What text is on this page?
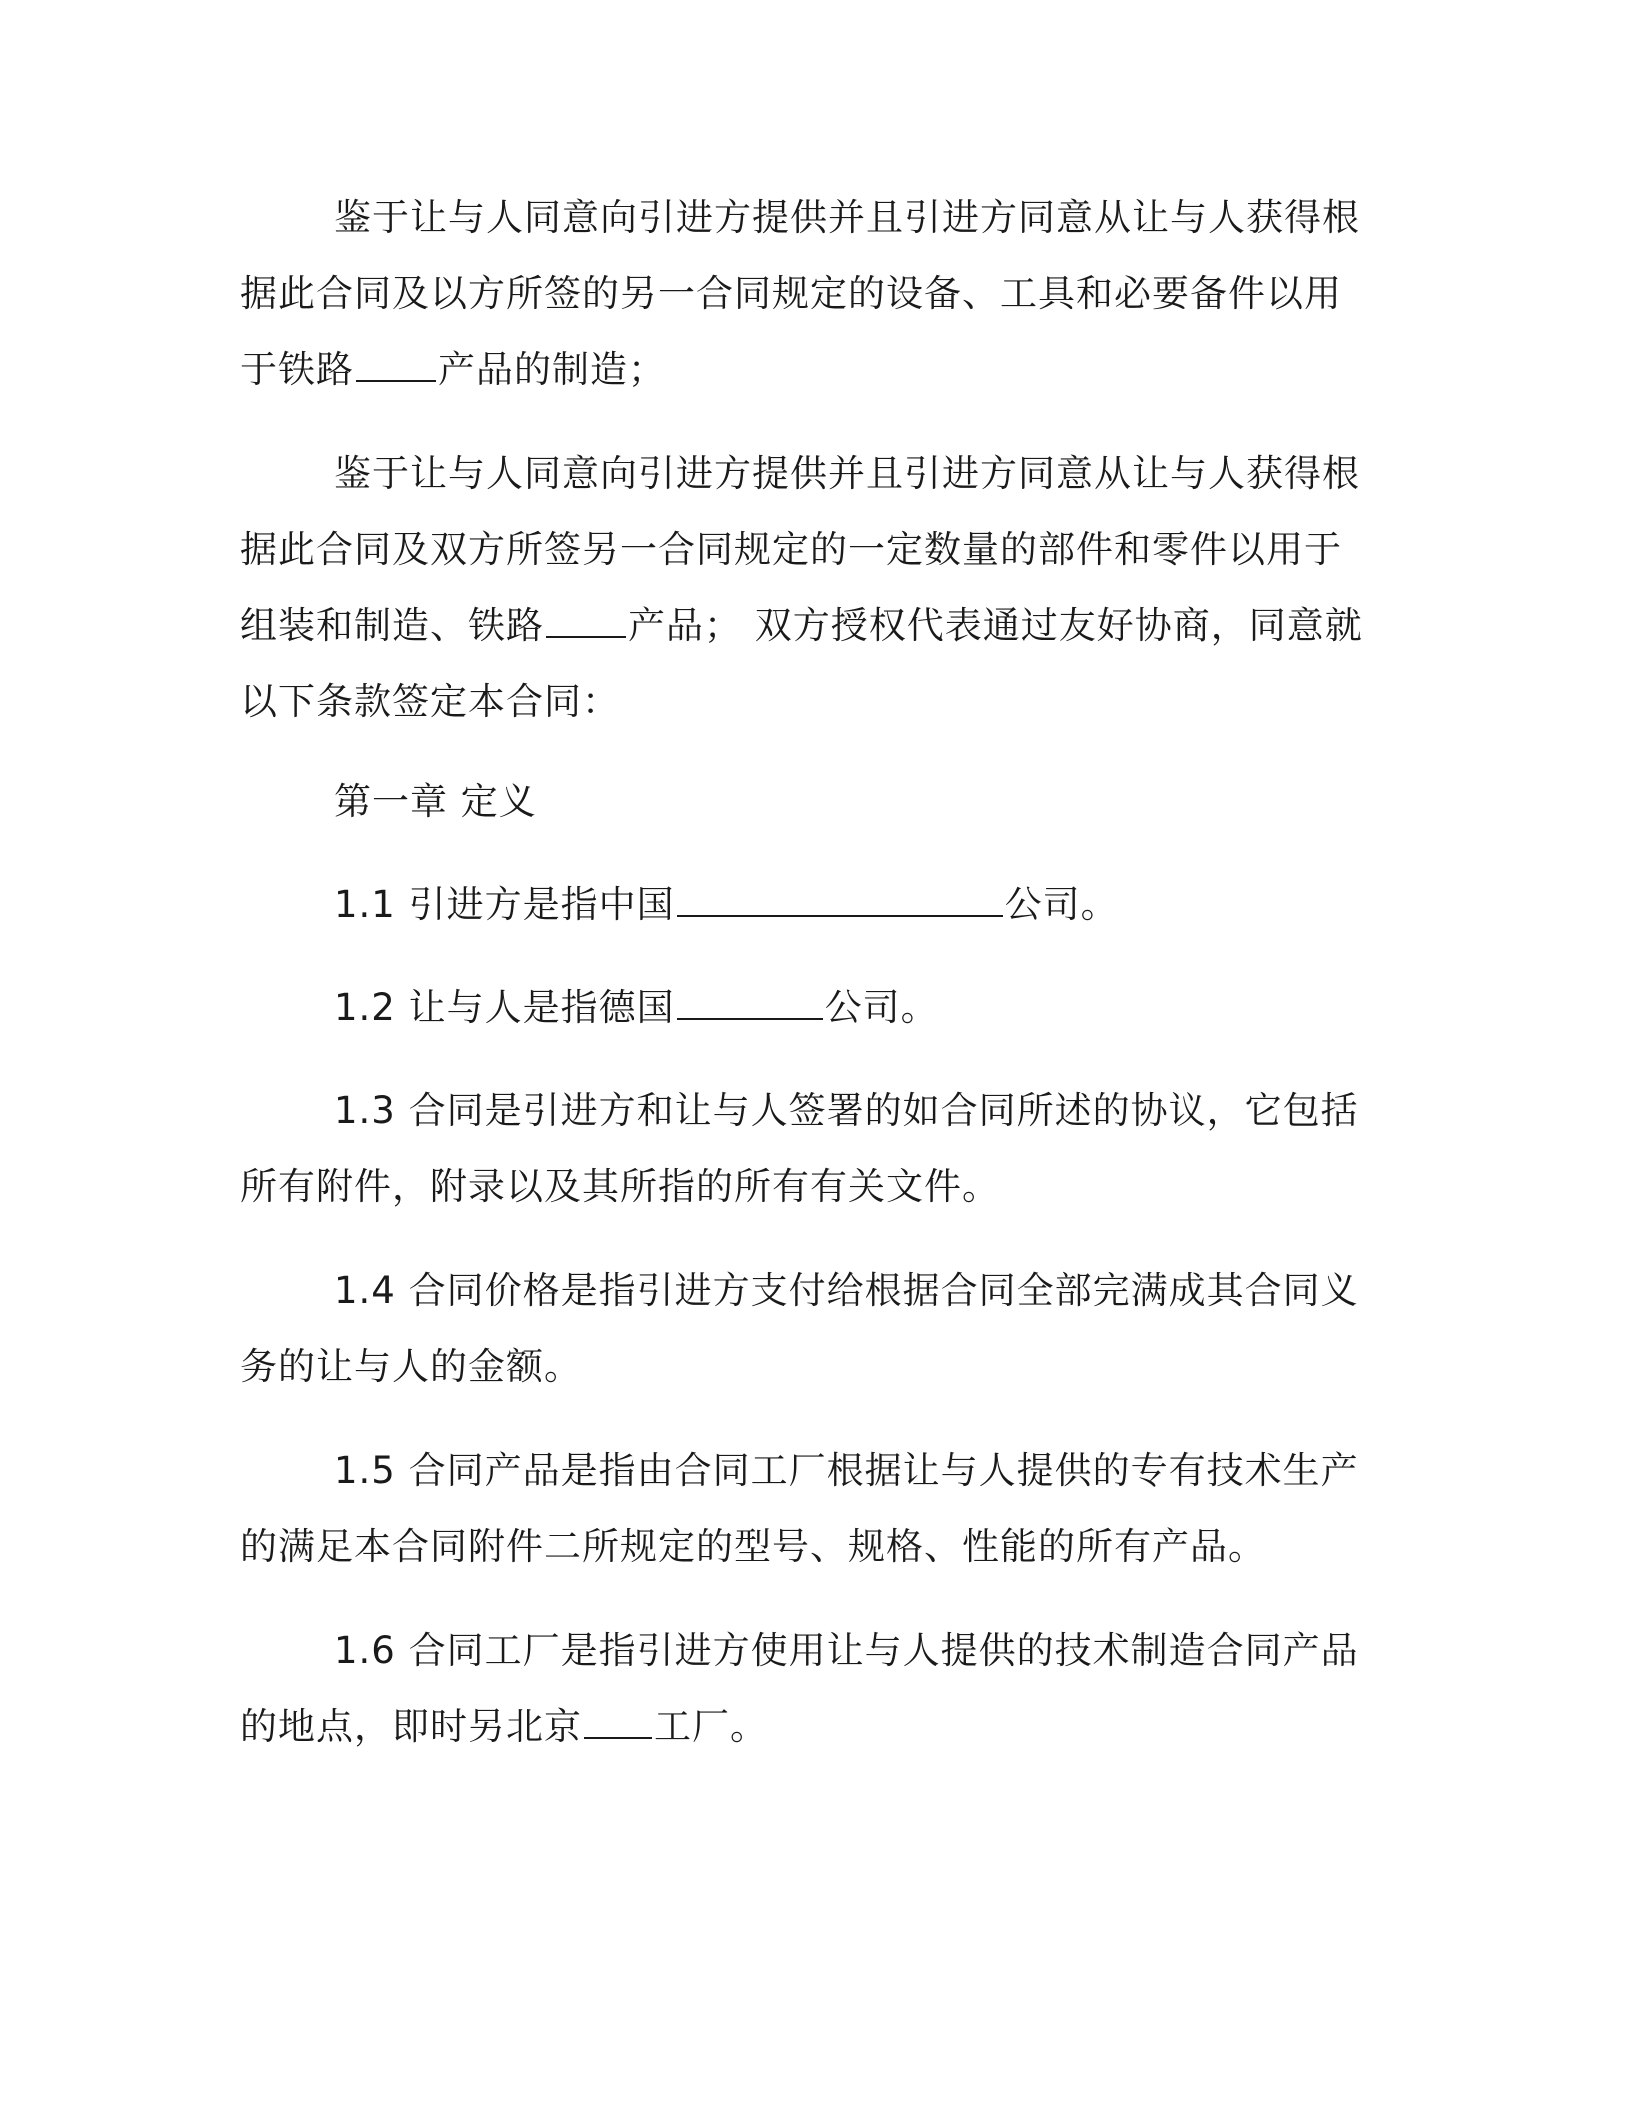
鉴于让与人同意向引进方提供并且引进方同意从让与人获得根据此合同及以方所签的另一合同规定的设备、工具和必要备件以用于铁路 产品的制造；

鉴于让与人同意向引进方提供并且引进方同意从让与人获得根据此合同及双方所签另一合同规定的一定数量的部件和零件以用于组装和制造、铁路 产品； 双方授权代表通过友好协商，同意就以下条款签定本合同：

第一章 定义

1.1 引进方是指中国	公司。

1.2 让与人是指德国	公司。

1.3 合同是引进方和让与人签署的如合同所述的协议，它包括所有附件，附录以及其所指的所有有关文件。

1.4 合同价格是指引进方支付给根据合同全部完满成其合同义务的让与人的金额。

1.5 合同产品是指由合同工厂根据让与人提供的专有技术生产的满足本合同附件二所规定的型号、规格、性能的所有产品。

1.6 合同工厂是指引进方使用让与人提供的技术制造合同产品的地点，即时另北京 工厂。
